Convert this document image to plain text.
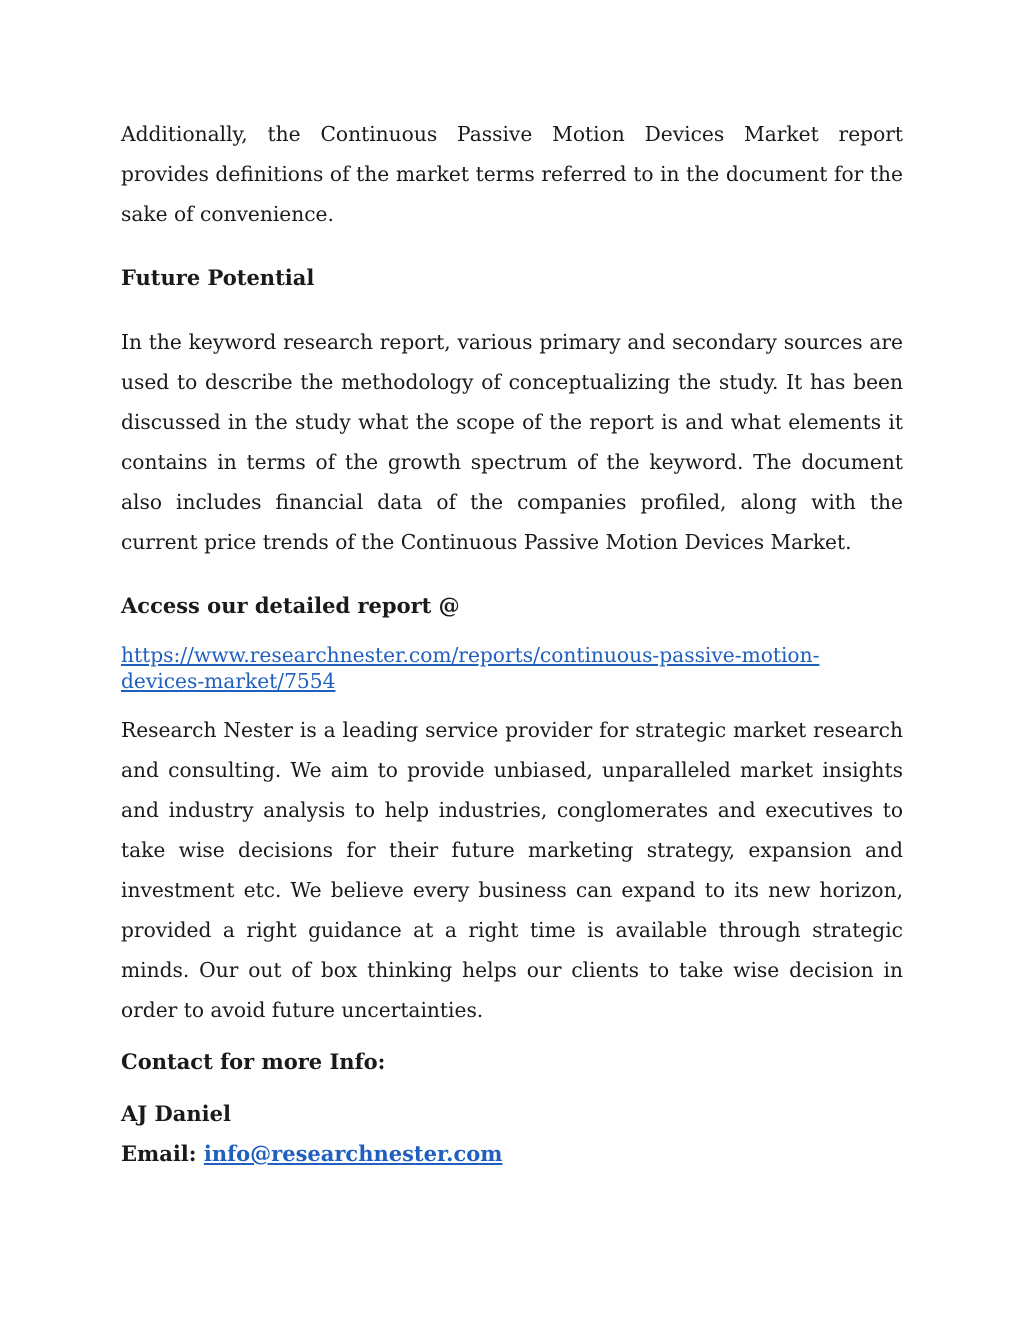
Additionally, the Continuous Passive Motion Devices Market report provides definitions of the market terms referred to in the document for the sake of convenience.

Future Potential

In the keyword research report, various primary and secondary sources are used to describe the methodology of conceptualizing the study. It has been discussed in the study what the scope of the report is and what elements it contains in terms of the growth spectrum of the keyword. The document also includes financial data of the companies profiled, along with the current price trends of the Continuous Passive Motion Devices Market.

Access our detailed report @

https://www.researchnester.com/reports/continuous-passive-motion-
devices-market/7554

Research Nester is a leading service provider for strategic market research and consulting. We aim to provide unbiased, unparalleled market insights and industry analysis to help industries, conglomerates and executives to take wise decisions for their future marketing strategy, expansion and investment etc. We believe every business can expand to its new horizon, provided a right guidance at a right time is available through strategic minds. Our out of box thinking helps our clients to take wise decision in order to avoid future uncertainties.

Contact for more Info:

AJ Daniel

Email: info@researchnester.com
